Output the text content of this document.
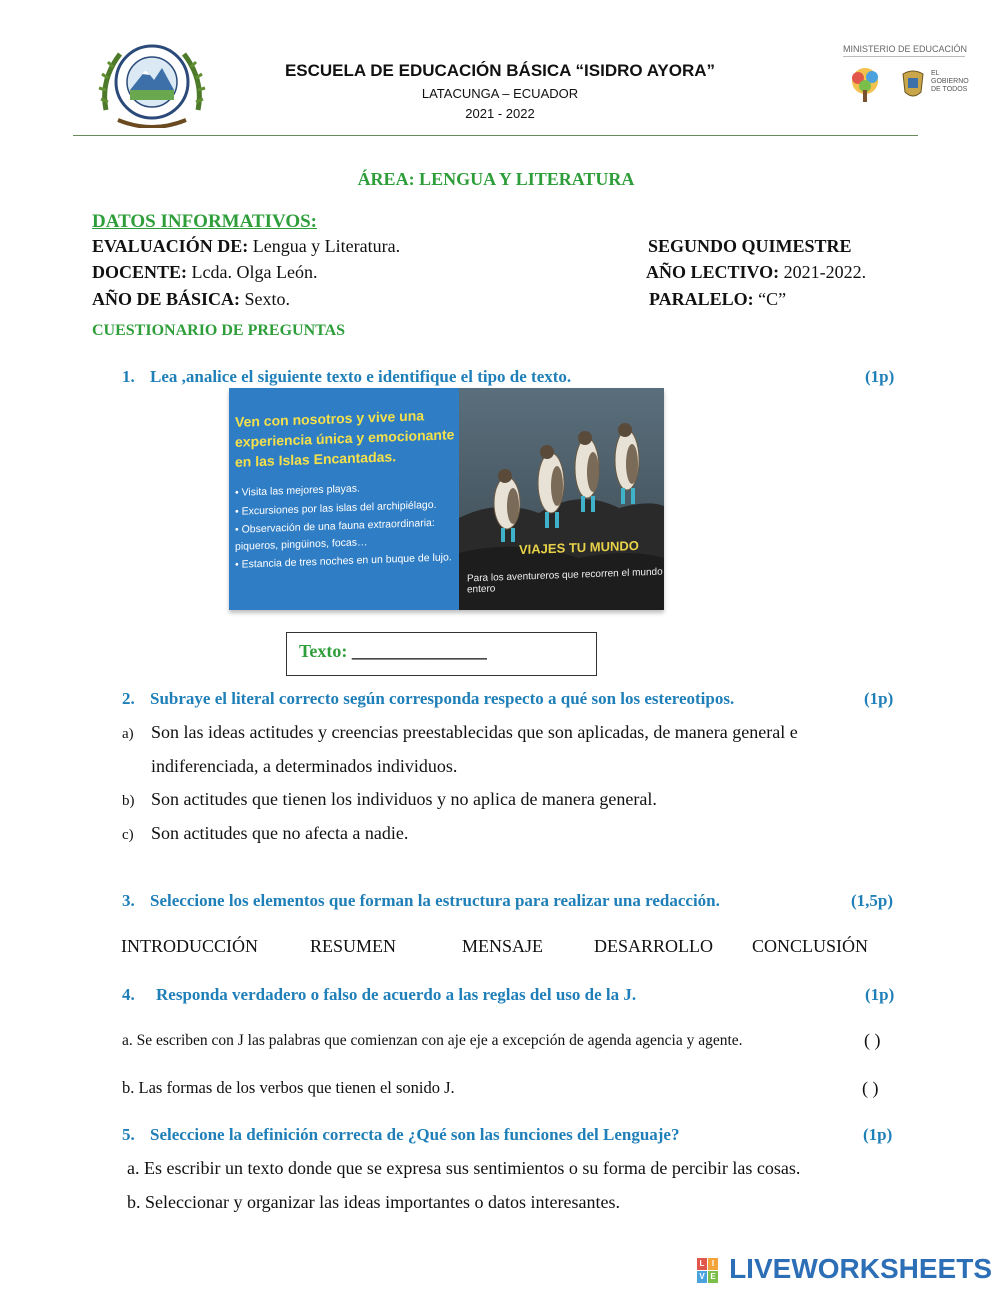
ESCUELA DE EDUCACIÓN BÁSICA “ISIDRO AYORA”
LATACUNGA – ECUADOR
2021 - 2022
MINISTERIO DE EDUCACIÓN
EL
GOBIERNO
DE TODOS
ÁREA: LENGUA Y LITERATURA
DATOS INFORMATIVOS:
EVALUACIÓN DE: Lengua y Literatura.	SEGUNDO QUIMESTRE
DOCENTE: Lcda. Olga León.	AÑO LECTIVO: 2021-2022.
AÑO DE BÁSICA: Sexto.	PARALELO: “C”
CUESTIONARIO DE PREGUNTAS
1. Lea ,analice el siguiente texto e identifique el tipo de texto.	(1p)
Ven con nosotros y vive una experiencia única y emocionante en las Islas Encantadas.
• Visita las mejores playas.
• Excursiones por las islas del archipiélago.
• Observación de una fauna extraordinaria: piqueros, pingüinos, focas…
• Estancia de tres noches en un buque de lujo.
VIAJES TU MUNDO
Para los aventureros que recorren el mundo entero
Texto: _______________
2. Subraye el literal correcto según corresponda respecto a qué son los estereotipos.	(1p)
a) Son las ideas actitudes y creencias preestablecidas que son aplicadas, de manera general e
indiferenciada, a determinados individuos.
b) Son actitudes que tienen los individuos y no aplica de manera general.
c) Son actitudes que no afecta a nadie.
3. Seleccione los elementos que forman la estructura para realizar una redacción.	(1,5p)
INTRODUCCIÓN	RESUMEN	MENSAJE	DESARROLLO CONCLUSIÓN
4. Responda verdadero o falso de acuerdo a las reglas del uso de la J.	(1p)
a. Se escriben con J las palabras que comienzan con aje eje a excepción de agenda agencia y agente.	( )
b. Las formas de los verbos que tienen el sonido J.	( )
5. Seleccione la definición correcta de ¿Qué son las funciones del Lenguaje?	(1p)
a. Es escribir un texto donde que se expresa sus sentimientos o su forma de percibir las cosas.
b. Seleccionar y organizar las ideas importantes o datos interesantes.
L I
V E LIVEWORKSHEETS
